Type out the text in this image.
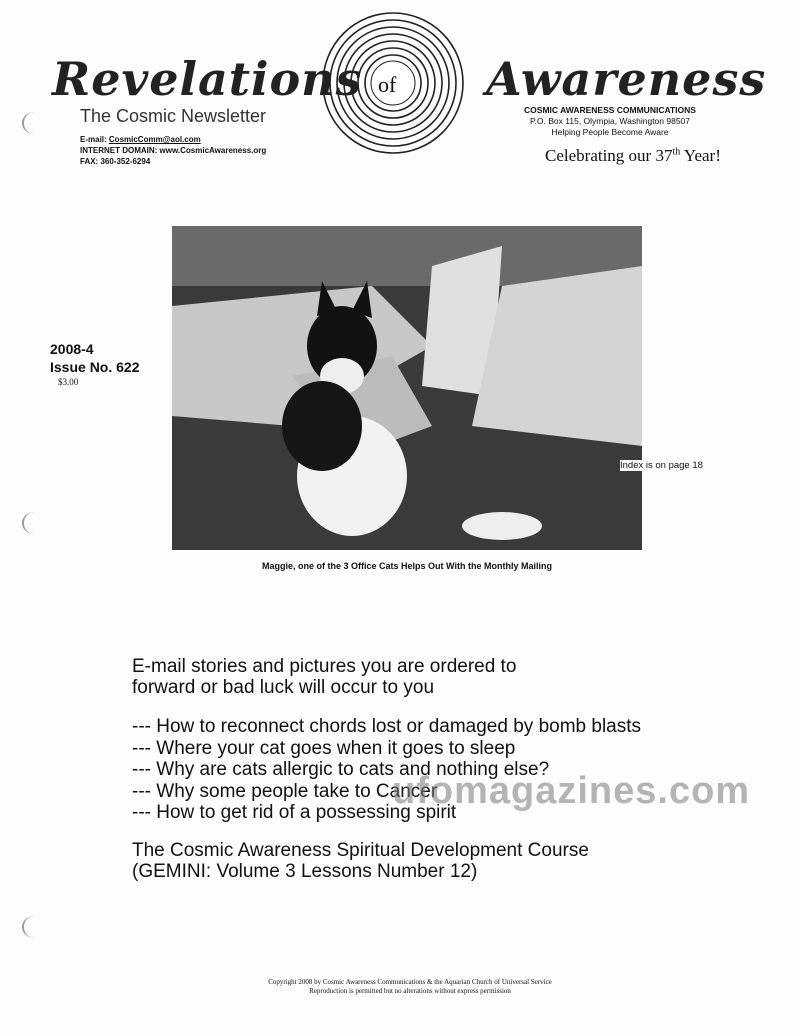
Revelations of Awareness
The Cosmic Newsletter
E-mail: CosmicComm@aol.com
INTERNET DOMAIN: www.CosmicAwareness.org
FAX: 360-352-6294
COSMIC AWARENESS COMMUNICATIONS
P.O. Box 115, Olympia, Washington 98507
Helping People Become Aware
Celebrating our 37th Year!
2008-4
Issue No. 622
$3.00
Index is on page 18
Maggie, one of the 3 Office Cats Helps Out With the Monthly Mailing
E-mail stories and pictures you are ordered to forward or bad luck will occur to you
--- How to reconnect chords lost or damaged by bomb blasts
--- Where your cat goes when it goes to sleep
--- Why are cats allergic to cats and nothing else?
--- Why some people take to Cancer
--- How to get rid of a possessing spirit
The Cosmic Awareness Spiritual Development Course
(GEMINI: Volume 3 Lessons Number 12)
ufomagazines.com
Copyright 2008 by Cosmic Awareness Communications & the Aquarian Church of Universal Service
Reproduction is permitted but no alterations without express permission
